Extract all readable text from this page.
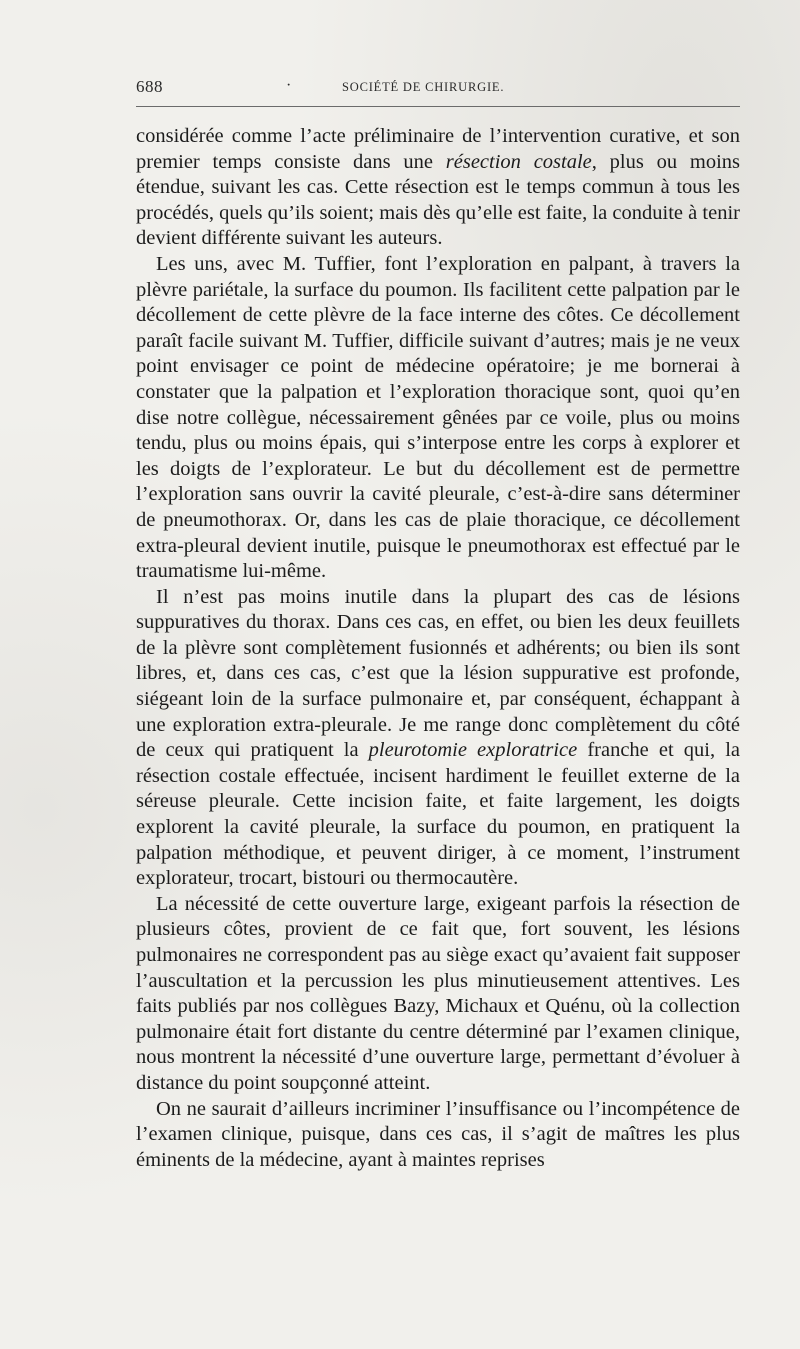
688	·	SOCIÉTÉ DE CHIRURGIE.

considérée comme l’acte préliminaire de l’intervention curative, et son premier temps consiste dans une résection costale, plus ou moins étendue, suivant les cas. Cette résection est le temps commun à tous les procédés, quels qu’ils soient; mais dès qu’elle est faite, la conduite à tenir devient différente suivant les auteurs.

Les uns, avec M. Tuffier, font l’exploration en palpant, à travers la plèvre pariétale, la surface du poumon. Ils facilitent cette palpation par le décollement de cette plèvre de la face interne des côtes. Ce décollement paraît facile suivant M. Tuffier, difficile suivant d’autres; mais je ne veux point envisager ce point de médecine opératoire; je me bornerai à constater que la palpation et l’exploration thoracique sont, quoi qu’en dise notre collègue, nécessairement gênées par ce voile, plus ou moins tendu, plus ou moins épais, qui s’interpose entre les corps à explorer et les doigts de l’explorateur. Le but du décollement est de permettre l’exploration sans ouvrir la cavité pleurale, c’est-à-dire sans déterminer de pneumothorax. Or, dans les cas de plaie thoracique, ce décollement extra-pleural devient inutile, puisque le pneumothorax est effectué par le traumatisme lui-même.

Il n’est pas moins inutile dans la plupart des cas de lésions suppuratives du thorax. Dans ces cas, en effet, ou bien les deux feuillets de la plèvre sont complètement fusionnés et adhérents; ou bien ils sont libres, et, dans ces cas, c’est que la lésion suppurative est profonde, siégeant loin de la surface pulmonaire et, par conséquent, échappant à une exploration extra-pleurale. Je me range donc complètement du côté de ceux qui pratiquent la pleurotomie exploratrice franche et qui, la résection costale effectuée, incisent hardiment le feuillet externe de la séreuse pleurale. Cette incision faite, et faite largement, les doigts explorent la cavité pleurale, la surface du poumon, en pratiquent la palpation méthodique, et peuvent diriger, à ce moment, l’instrument explorateur, trocart, bistouri ou thermocautère.

La nécessité de cette ouverture large, exigeant parfois la résection de plusieurs côtes, provient de ce fait que, fort souvent, les lésions pulmonaires ne correspondent pas au siège exact qu’avaient fait supposer l’auscultation et la percussion les plus minutieusement attentives. Les faits publiés par nos collègues Bazy, Michaux et Quénu, où la collection pulmonaire était fort distante du centre déterminé par l’examen clinique, nous montrent la nécessité d’une ouverture large, permettant d’évoluer à distance du point soupçonné atteint.

On ne saurait d’ailleurs incriminer l’insuffisance ou l’incompétence de l’examen clinique, puisque, dans ces cas, il s’agit de maîtres les plus éminents de la médecine, ayant à maintes reprises
